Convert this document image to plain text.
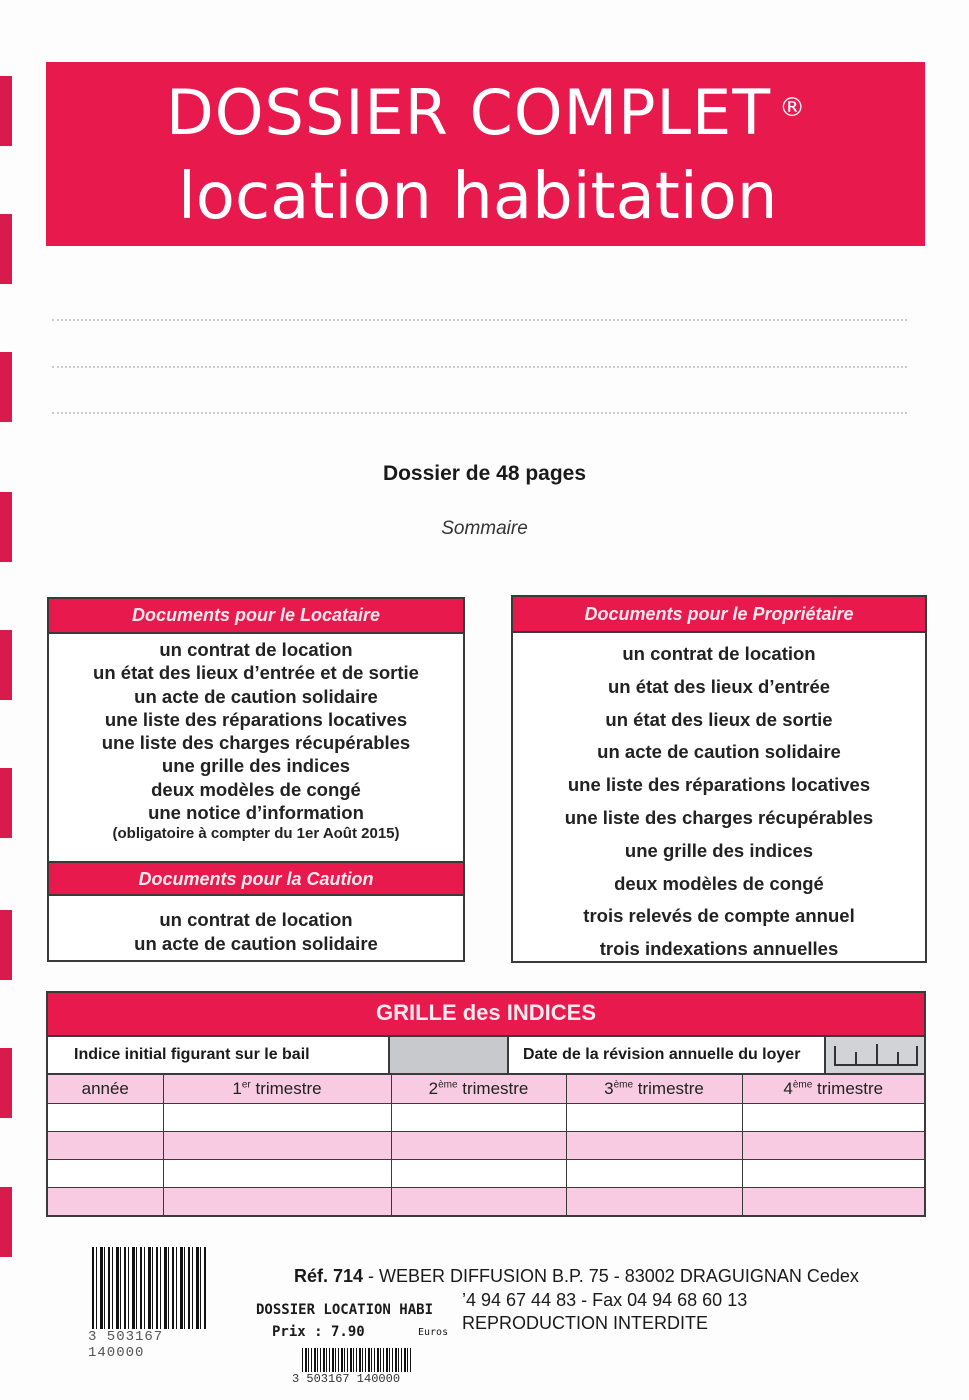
DOSSIER COMPLET ®
location habitation
Dossier de 48 pages
Sommaire
Documents pour le Locataire
un contrat de location
un état des lieux d’entrée et de sortie
un acte de caution solidaire
une liste des réparations locatives
une liste des charges récupérables
une grille des indices
deux modèles de congé
une notice d’information
(obligatoire à compter du 1er Août 2015)
Documents pour la Caution
un contrat de location
un acte de caution solidaire
Documents pour le Propriétaire
un contrat de location
un état des lieux d’entrée
un état des lieux de sortie
un acte de caution solidaire
une liste des réparations locatives
une liste des charges récupérables
une grille des indices
deux modèles de congé
trois relevés de compte annuel
trois indexations annuelles
GRILLE des INDICES
Indice initial figurant sur le bail	Date de la révision annuelle du loyer
année	1er trimestre	2ème trimestre	3ème trimestre	4ème trimestre

3 503167 140000
Réf. 714 - WEBER DIFFUSION B.P. 75 - 83002 DRAGUIGNAN Cedex
’4 94 67 44 83 - Fax 04 94 68 60 13
REPRODUCTION INTERDITE
DOSSIER LOCATION HABI
Prix : 7.90	Euros
3 503167 140000
